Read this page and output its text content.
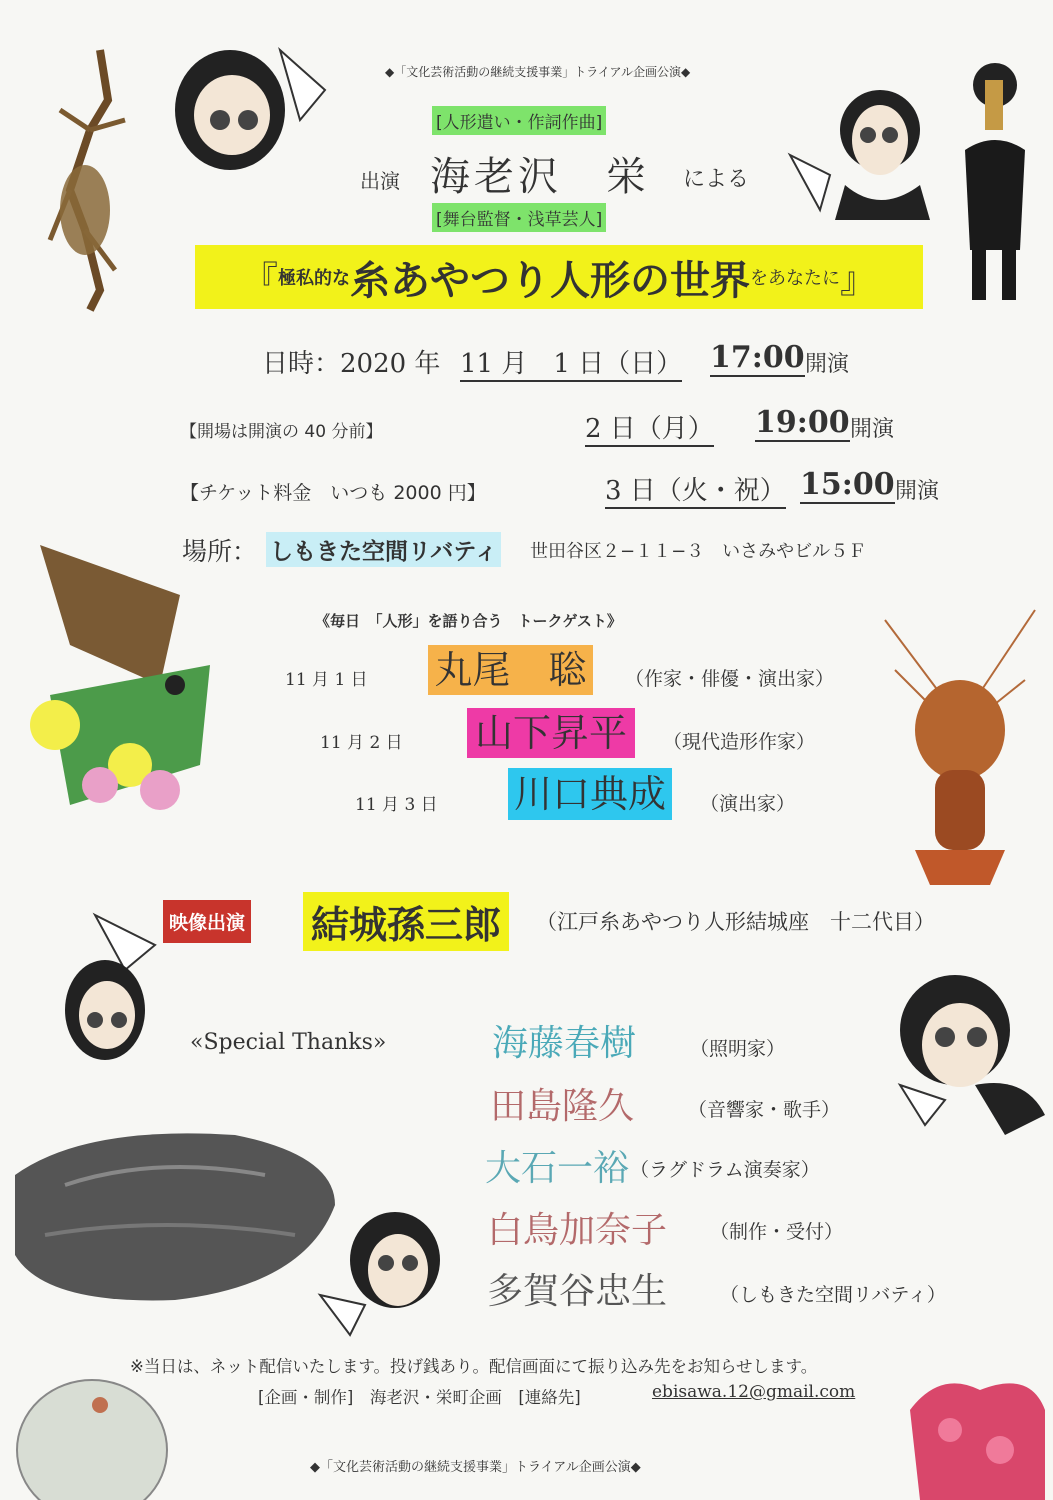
◆「文化芸術活動の継続支援事業」トライアル企画公演◆
[人形遣い・作詞作曲]
出演 海老沢　栄 による
[舞台監督・浅草芸人]
『 極私的な 糸あやつり人形の世界 をあなたに 』
日時：2020 年 11 月　1 日（日） 17:00 開演
【開場は開演の 40 分前】	2 日（月） 19:00 開演
【チケット料金　いつも 2000 円】	3 日（火・祝） 15:00 開演
場所： しもきた空間リバティ 世田谷区２−１１−３　いさみやビル５Ｆ
《毎日　「人形」を語り合う　トークゲスト》
11 月 1 日 丸尾　聡	（作家・俳優・演出家）
11 月 2 日 山下昇平	（現代造形作家）
11 月 3 日 川口典成	（演出家）
映像出演 結城孫三郎	（江戸糸あやつり人形結城座　十二代目）
«Special Thanks»	海藤春樹	（照明家）
田島隆久	（音響家・歌手）
大石一裕 （ラグドラム演奏家）
白鳥加奈子 （制作・受付）
多賀谷忠生	（しもきた空間リバティ）
※当日は、ネット配信いたします。投げ銭あり。配信画面にて振り込み先をお知らせします。
[企画・制作]　海老沢・栄町企画　[連絡先]	ebisawa.12@gmail.com
◆「文化芸術活動の継続支援事業」トライアル企画公演◆
